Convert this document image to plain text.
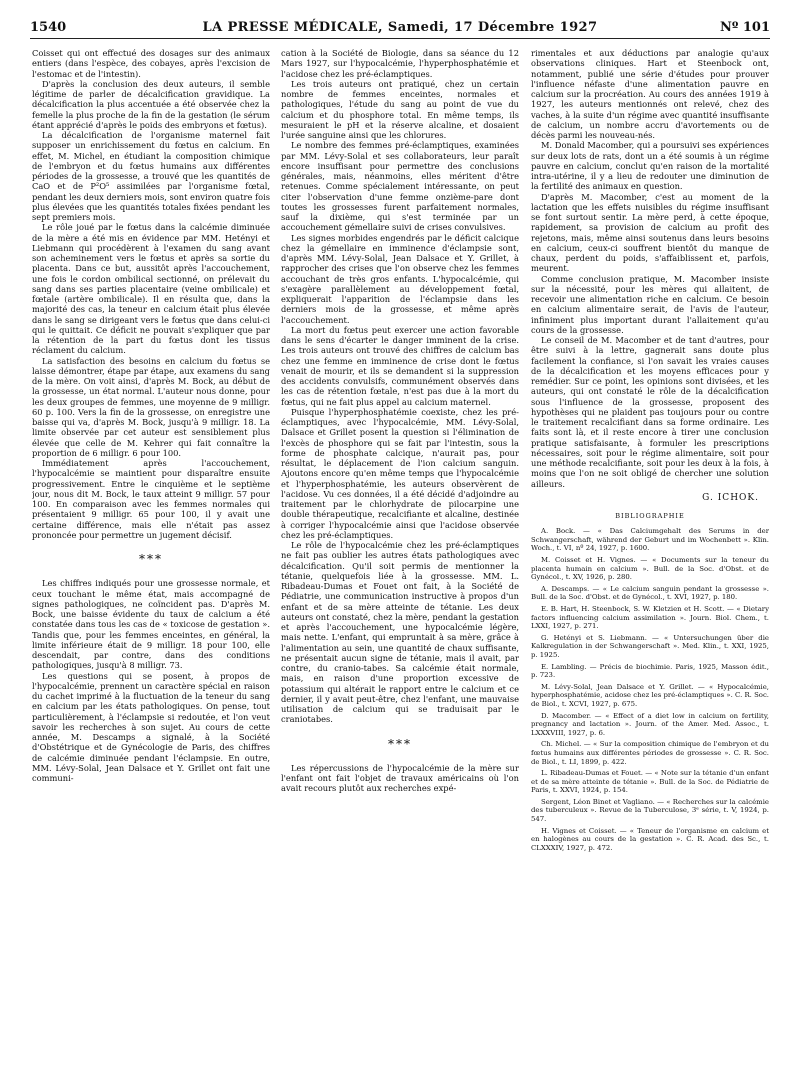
1540	LA PRESSE MÉDICALE, Samedi, 17 Décembre 1927	Nº 101

Coisset qui ont effectué des dosages sur des animaux entiers (dans l'espèce, des cobayes, après l'excision de l'estomac et de l'intestin).

D'après la conclusion des deux auteurs, il semble légitime de parler de décalcification gravidique. La décalcification la plus accentuée a été observée chez la femelle la plus proche de la fin de la gestation (le sérum étant apprécié d'après le poids des embryons et fœtus).

La décalcification de l'organisme maternel fait supposer un enrichissement du fœtus en calcium. En effet, M. Michel, en étudiant la composition chimique de l'embryon et du fœtus humains aux différentes périodes de la grossesse, a trouvé que les quantités de CaO et de P²O⁵ assimilées par l'organisme fœtal, pendant les deux derniers mois, sont environ quatre fois plus élevées que les quantités totales fixées pendant les sept premiers mois.

Le rôle joué par le fœtus dans la calcémie diminuée de la mère a été mis en évidence par MM. Hetényi et Liebmann qui procédèrent à l'examen du sang avant son acheminement vers le fœtus et après sa sortie du placenta. Dans ce but, aussitôt après l'accouchement, une fois le cordon ombilical sectionné, on prélevait du sang dans ses parties placentaire (veine ombilicale) et fœtale (artère ombilicale). Il en résulta que, dans la majorité des cas, la teneur en calcium était plus élevée dans le sang se dirigeant vers le fœtus que dans celui-ci qui le quittait. Ce déficit ne pouvait s'expliquer que par la rétention de la part du fœtus dont les tissus réclament du calcium.

La satisfaction des besoins en calcium du fœtus se laisse démontrer, étape par étape, aux examens du sang de la mère. On voit ainsi, d'après M. Bock, au début de la grossesse, un état normal. L'auteur nous donne, pour les deux groupes de femmes, une moyenne de 9 milligr. 60 p. 100. Vers la fin de la grossesse, on enregistre une baisse qui va, d'après M. Bock, jusqu'à 9 milligr. 18. La limite observée par cet auteur est sensiblement plus élevée que celle de M. Kehrer qui fait connaître la proportion de 6 milligr. 6 pour 100.

Immédiatement après l'accouchement, l'hypocalcémie se maintient pour disparaître ensuite progressivement. Entre le cinquième et le septième jour, nous dit M. Bock, le taux atteint 9 milligr. 57 pour 100. En comparaison avec les femmes normales qui présentaient 9 milligr. 65 pour 100, il y avait une certaine différence, mais elle n'était pas assez prononcée pour permettre un jugement décisif.

***

Les chiffres indiqués pour une grossesse normale, et ceux touchant le même état, mais accompagné de signes pathologiques, ne coïncident pas. D'après M. Bock, une baisse évidente du taux de calcium a été constatée dans tous les cas de « toxicose de gestation ». Tandis que, pour les femmes enceintes, en général, la limite inférieure était de 9 milligr. 18 pour 100, elle descendait, par contre, dans des conditions pathologiques, jusqu'à 8 milligr. 73.

Les questions qui se posent, à propos de l'hypocalcémie, prennent un caractère spécial en raison du cachet imprimé à la fluctuation de la teneur du sang en calcium par les états pathologiques. On pense, tout particulièrement, à l'éclampsie si redoutée, et l'on veut savoir les recherches à son sujet. Au cours de cette année, M. Descamps a signalé, à la Société d'Obstétrique et de Gynécologie de Paris, des chiffres de calcémie diminuée pendant l'éclampsie. En outre, MM. Lévy-Solal, Jean Dalsace et Y. Grillet ont fait une communi-

cation à la Société de Biologie, dans sa séance du 12 Mars 1927, sur l'hypocalcémie, l'hyperphosphatémie et l'acidose chez les pré-éclamptiques.

Les trois auteurs ont pratiqué, chez un certain nombre de femmes enceintes, normales et pathologiques, l'étude du sang au point de vue du calcium et du phosphore total. En même temps, ils mesuraient le pH et la réserve alcaline, et dosaient l'urée sanguine ainsi que les chlorures.

Le nombre des femmes pré-éclamptiques, examinées par MM. Lévy-Solal et ses collaborateurs, leur paraît encore insuffisant pour permettre des conclusions générales, mais, néanmoins, elles méritent d'être retenues. Comme spécialement intéressante, on peut citer l'observation d'une femme onzième-pare dont toutes les grossesses furent parfaitement normales, sauf la dixième, qui s'est terminée par un accouchement gémellaire suivi de crises convulsives.

Les signes morbides engendrés par le déficit calcique chez la gémellaire en imminence d'éclampsie sont, d'après MM. Lévy-Solal, Jean Dalsace et Y. Grillet, à rapprocher des crises que l'on observe chez les femmes accouchant de très gros enfants. L'hypocalcémie, qui s'exagère parallèlement au développement fœtal, expliquerait l'apparition de l'éclampsie dans les derniers mois de la grossesse, et même après l'accouchement.

La mort du fœtus peut exercer une action favorable dans le sens d'écarter le danger imminent de la crise. Les trois auteurs ont trouvé des chiffres de calcium bas chez une femme en imminence de crise dont le fœtus venait de mourir, et ils se demandent si la suppression des accidents convulsifs, communément observés dans les cas de rétention fœtale, n'est pas due à la mort du fœtus, qui ne fait plus appel au calcium maternel.

Puisque l'hyperphosphatémie coexiste, chez les pré-éclamptiques, avec l'hypocalcémie, MM. Lévy-Solal, Dalsace et Grillet posent la question si l'élimination de l'excès de phosphore qui se fait par l'intestin, sous la forme de phosphate calcique, n'aurait pas, pour résultat, le déplacement de l'ion calcium sanguin. Ajoutons encore qu'en même temps que l'hypocalcémie et l'hyperphosphatémie, les auteurs observèrent de l'acidose. Vu ces données, il a été décidé d'adjoindre au traitement par le chlorhydrate de pilocarpine une double thérapeutique, recalcifiante et alcaline, destinée à corriger l'hypocalcémie ainsi que l'acidose observée chez les pré-éclamptiques.

Le rôle de l'hypocalcémie chez les pré-éclamptiques ne fait pas oublier les autres états pathologiques avec décalcification. Qu'il soit permis de mentionner la tétanie, quelquefois liée à la grossesse. MM. L. Ribadeau-Dumas et Fouet ont fait, à la Société de Pédiatrie, une communication instructive à propos d'un enfant et de sa mère atteinte de tétanie. Les deux auteurs ont constaté, chez la mère, pendant la gestation et après l'accouchement, une hypocalcémie légère, mais nette. L'enfant, qui empruntait à sa mère, grâce à l'alimentation au sein, une quantité de chaux suffisante, ne présentait aucun signe de tétanie, mais il avait, par contre, du cranio-tabes. Sa calcémie était normale, mais, en raison d'une proportion excessive de potassium qui altérait le rapport entre le calcium et ce dernier, il y avait peut-être, chez l'enfant, une mauvaise utilisation de calcium qui se traduisait par le craniotabes.

***

Les répercussions de l'hypocalcémie de la mère sur l'enfant ont fait l'objet de travaux américains où l'on avait recours plutôt aux recherches expé-

rimentales et aux déductions par analogie qu'aux observations cliniques. Hart et Steenbock ont, notamment, publié une série d'études pour prouver l'influence néfaste d'une alimentation pauvre en calcium sur la procréation. Au cours des années 1919 à 1927, les auteurs mentionnés ont relevé, chez des vaches, à la suite d'un régime avec quantité insuffisante de calcium, un nombre accru d'avortements ou de décès parmi les nouveau-nés.

M. Donald Macomber, qui a poursuivi ses expériences sur deux lots de rats, dont un a été soumis à un régime pauvre en calcium, conclut qu'en raison de la mortalité intra-utérine, il y a lieu de redouter une diminution de la fertilité des animaux en question.

D'après M. Macomber, c'est au moment de la lactation que les effets nuisibles du régime insuffisant se font surtout sentir. La mère perd, à cette époque, rapidement, sa provision de calcium au profit des rejetons, mais, même ainsi soutenus dans leurs besoins en calcium, ceux-ci souffrent bientôt du manque de chaux, perdent du poids, s'affaiblissent et, parfois, meurent.

Comme conclusion pratique, M. Macomber insiste sur la nécessité, pour les mères qui allaitent, de recevoir une alimentation riche en calcium. Ce besoin en calcium alimentaire serait, de l'avis de l'auteur, infiniment plus important durant l'allaitement qu'au cours de la grossesse.

Le conseil de M. Macomber et de tant d'autres, pour être suivi à la lettre, gagnerait sans doute plus facilement la confiance, si l'on savait les vraies causes de la décalcification et les moyens efficaces pour y remédier. Sur ce point, les opinions sont divisées, et les auteurs, qui ont constaté le rôle de la décalcification sous l'influence de la grossesse, proposent des hypothèses qui ne plaident pas toujours pour ou contre le traitement recalcifiant dans sa forme ordinaire. Les faits sont là, et il reste encore à tirer une conclusion pratique satisfaisante, à formuler les prescriptions nécessaires, soit pour le régime alimentaire, soit pour une méthode recalcifiante, soit pour les deux à la fois, à moins que l'on ne soit obligé de chercher une solution ailleurs.

G. ICHOK.
BIBLIOGRAPHIE

A. Bock. — « Das Calciumgehalt des Serums in der Schwangerschaft, während der Geburt und im Wochenbett ». Klin. Woch., t. VI, nº 24, 1927, p. 1600.

M. Coisset et H. Vignes. — « Documents sur la teneur du placenta humain en calcium ». Bull. de la Soc. d'Obst. et de Gynécol., t. XV, 1926, p. 280.

A. Descamps. — « Le calcium sanguin pendant la grossesse ». Bull. de la Soc. d'Obst. et de Gynécol., t. XVI, 1927, p. 180.

E. B. Hart, H. Steenbock, S. W. Kletzien et H. Scott. — « Dietary factors influencing calcium assimilation ». Journ. Biol. Chem., t. LXXI, 1927, p. 271.

G. Hetényi et S. Liebmann. — « Untersuchungen über die Kalkregulation in der Schwangerschaft ». Med. Klin., t. XXI, 1925, p. 1925.

E. Lambling. — Précis de biochimie. Paris, 1925, Masson édit., p. 723.

M. Lévy-Solal, Jean Dalsace et Y. Grillet. — « Hypocalcémie, hyperphosphatémie, acidose chez les pré-éclamptiques ». C. R. Soc. de Biol., t. XCVI, 1927, p. 675.

D. Macomber. — « Effect of a diet low in calcium on fertility, pregnancy and lactation ». Journ. of the Amer. Med. Assoc., t. LXXXVIII, 1927, p. 6.

Ch. Michel. — « Sur la composition chimique de l'embryon et du fœtus humains aux différentes périodes de grossesse ». C. R. Soc. de Biol., t. LI, 1899, p. 422.

L. Ribadeau-Dumas et Fouet. — « Note sur la tétanie d'un enfant et de sa mère atteinte de tétanie ». Bull. de la Soc. de Pédiatrie de Paris, t. XXVI, 1924, p. 154.

Sergent, Léon Binet et Vagliano. — « Recherches sur la calcémie des tuberculeux ». Revue de la Tuberculose, 3ᵉ série, t. V, 1924, p. 547.

H. Vignes et Coisset. — « Teneur de l'organisme en calcium et en halogènes au cours de la gestation ». C. R. Acad. des Sc., t. CLXXXIV, 1927, p. 472.
